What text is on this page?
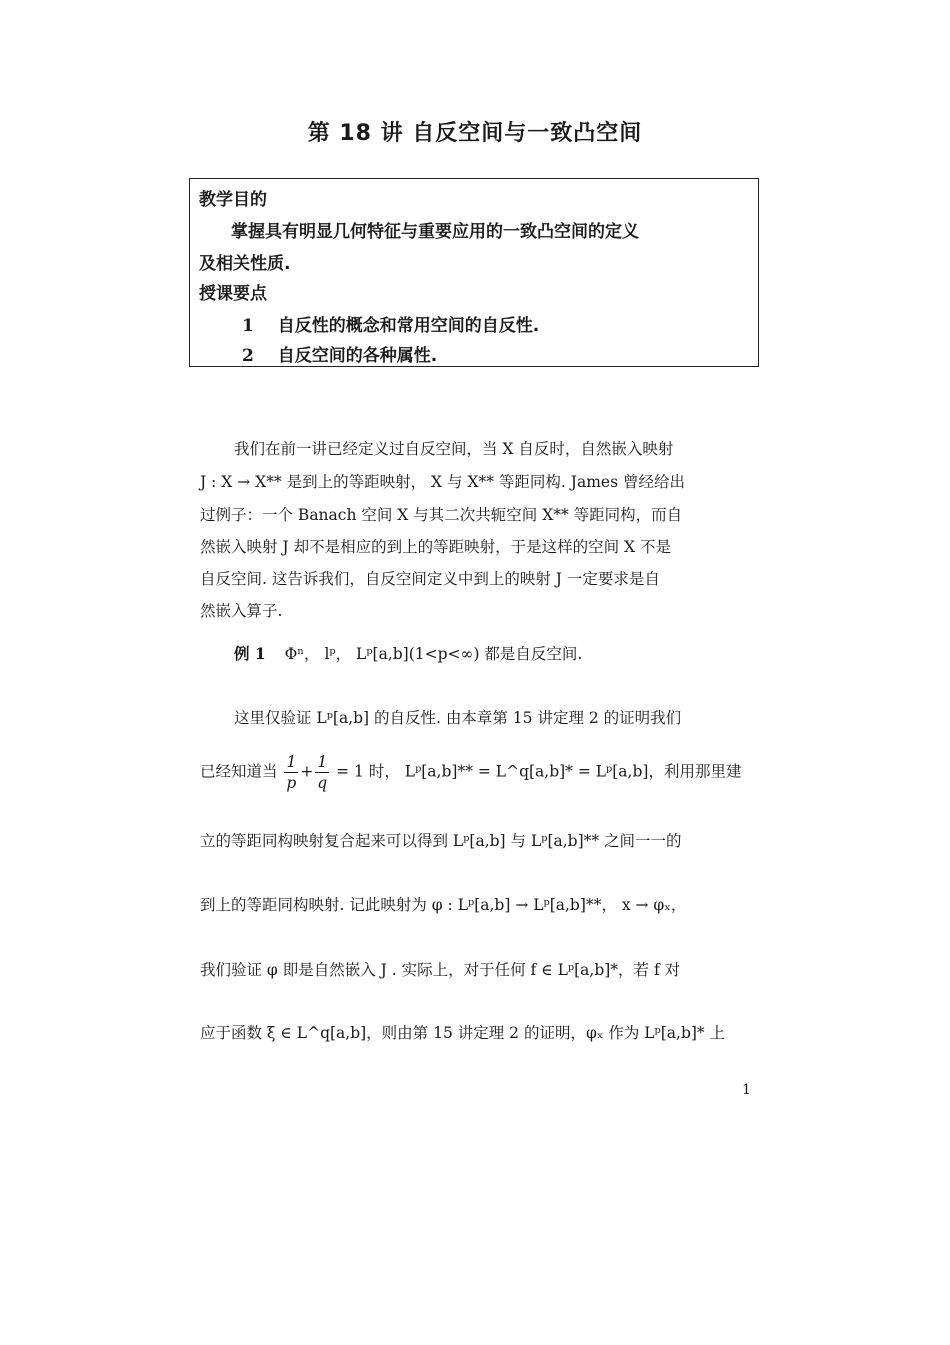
第 18 讲 自反空间与一致凸空间
教学目的
掌握具有明显几何特征与重要应用的一致凸空间的定义
及相关性质.
授课要点
1 自反性的概念和常用空间的自反性.
2 自反空间的各种属性.
我们在前一讲已经定义过自反空间，当 X 自反时，自然嵌入映射
J : X → X** 是到上的等距映射， X 与 X** 等距同构. James 曾经给出
过例子：一个 Banach 空间 X 与其二次共轭空间 X** 等距同构，而自
然嵌入映射 J 却不是相应的到上的等距映射，于是这样的空间 X 不是
自反空间. 这告诉我们，自反空间定义中到上的映射 J 一定要求是自
然嵌入算子.
例 1 Φⁿ， lᵖ， Lᵖ[a,b](1<p<∞) 都是自反空间.
这里仅验证 Lᵖ[a,b] 的自反性. 由本章第 15 讲定理 2 的证明我们
已经知道当 $\frac{1}{p} + \frac{1}{q} = 1$ 时， Lᵖ[a,b]** = L^q[a,b]* = Lᵖ[a,b]，利用那里建
立的等距同构映射复合起来可以得到 Lᵖ[a,b] 与 Lᵖ[a,b]** 之间一一的
到上的等距同构映射. 记此映射为 φ : Lᵖ[a,b] → Lᵖ[a,b]**， x → φₓ，
我们验证 φ 即是自然嵌入 J . 实际上，对于任何 f ∈ Lᵖ[a,b]*，若 f 对
应于函数 ξ ∈ L^q[a,b]，则由第 15 讲定理 2 的证明，φₓ 作为 Lᵖ[a,b]* 上
1
